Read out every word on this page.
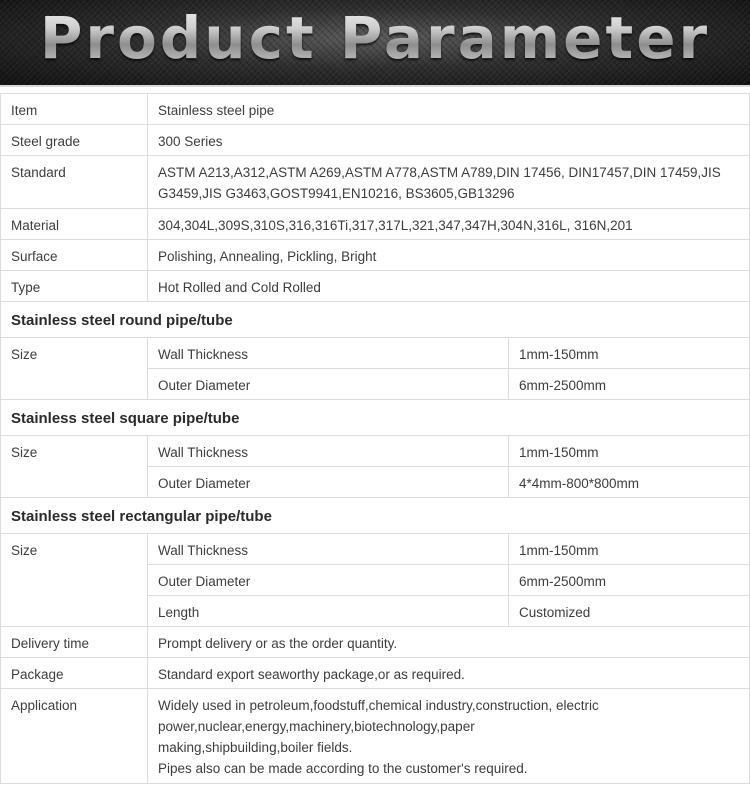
Product Parameter
Item	Stainless steel pipe	
Steel grade	300 Series	
Standard	ASTM A213,A312,ASTM A269,ASTM A778,ASTM A789,DIN 17456, DIN17457,DIN 17459,JIS G3459,JIS G3463,GOST9941,EN10216, BS3605,GB13296	
Material	304,304L,309S,310S,316,316Ti,317,317L,321,347,347H,304N,316L, 316N,201	
Surface	Polishing, Annealing, Pickling, Bright	
Type	Hot Rolled and Cold Rolled	
Stainless steel round pipe/tube		
Size	Wall Thickness	1mm-150mm
	Outer Diameter	6mm-2500mm
Stainless steel square pipe/tube		
Size	Wall Thickness	1mm-150mm
	Outer Diameter	4*4mm-800*800mm
Stainless steel rectangular pipe/tube		
Size	Wall Thickness	1mm-150mm
	Outer Diameter	6mm-2500mm
	Length	Customized
Delivery time	Prompt delivery or as the order quantity.	
Package	Standard export seaworthy package,or as required.	
Application	Widely used in petroleum,foodstuff,chemical industry,construction, electric
power,nuclear,energy,machinery,biotechnology,paper
making,shipbuilding,boiler fields.
Pipes also can be made according to the customer's required.	
